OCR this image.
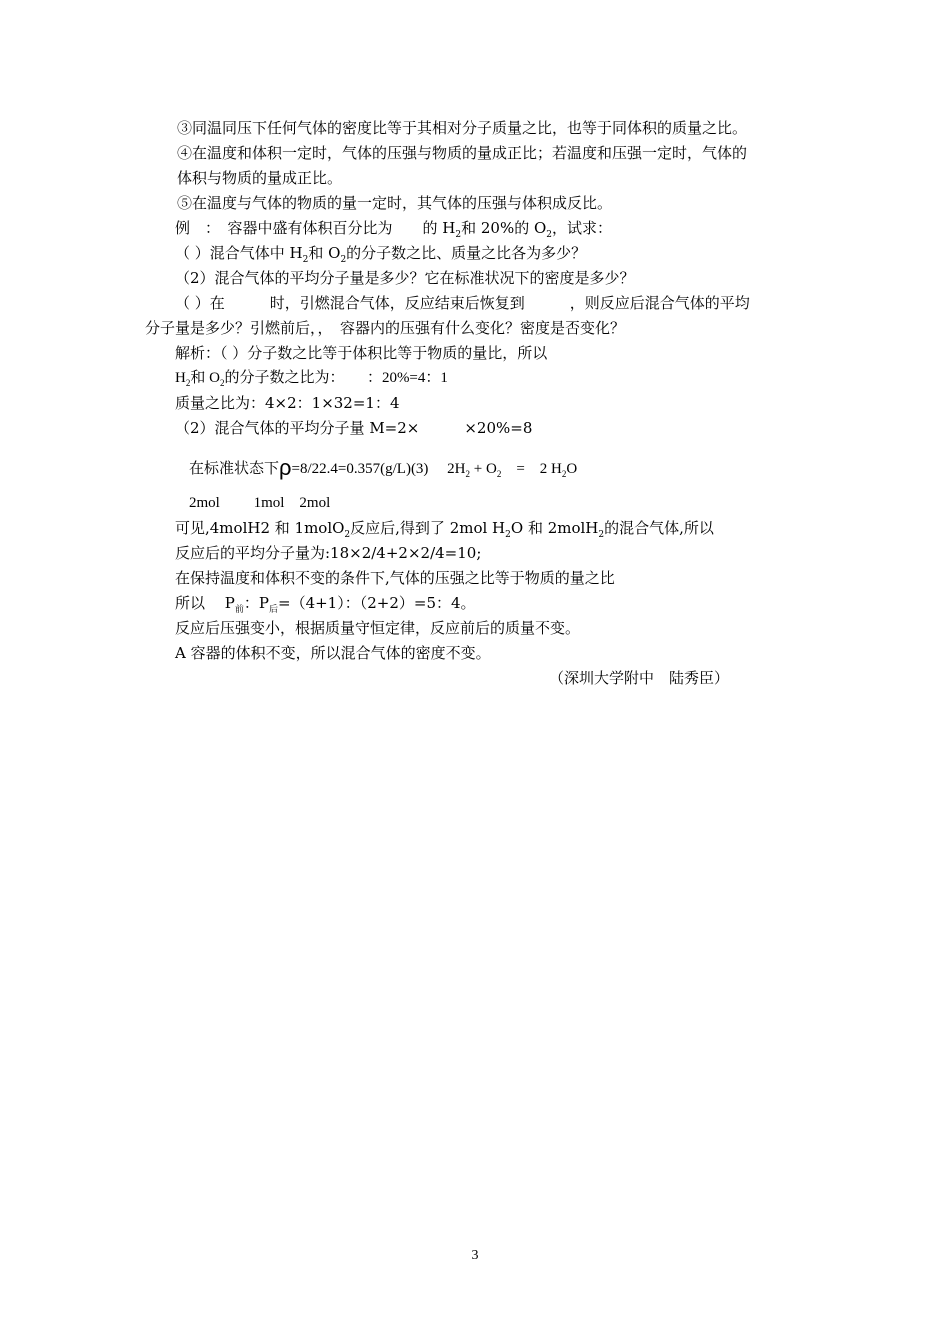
③同温同压下任何气体的密度比等于其相对分子质量之比，也等于同体积的质量之比。
④在温度和体积一定时，气体的压强与物质的量成正比；若温度和压强一定时，气体的
体积与物质的量成正比。
⑤在温度与气体的物质的量一定时，其气体的压强与体积成反比。
例　：　容器中盛有体积百分比为　　的 $H_2$和 20%的 $O_2$，试求：
（ ）混合气体中 $H_2$和 $O_2$的分子数之比、质量之比各为多少？
（2）混合气体的平均分子量是多少？它在标准状况下的密度是多少？
（ ）在　　　时，引燃混合气体，反应结束后恢复到　　　，则反应后混合气体的平均
分子量是多少？引燃前后，，　容器内的压强有什么变化？密度是否变化？
解析：（ ）分子数之比等于体积比等于物质的量比，所以
$H_2$和 $O_2$的分子数之比为：　　：20%=4：1
质量之比为：4×2：1×32=1：4
（2）混合气体的平均分子量 M=2×　　　×20%=8
在标准状态下ρ=8/22.4=0.357(g/L)(3)　 $2H_2 + O_2$　=　2 $H_2O$
2mol　　 1mol　2mol
可见,4molH2 和 1molO$_2$反应后,得到了 2mol $H_2O$ 和 2molH$_2$的混合气体,所以
反应后的平均分子量为:18×2/4+2×2/4=10;
在保持温度和体积不变的条件下,气体的压强之比等于物质的量之比
所以　 $P_前$：$P_后=(4+1)$：（2+2）=5：4。
反应后压强变小，根据质量守恒定律，反应前后的质量不变。
A 容器的体积不变，所以混合气体的密度不变。
（深圳大学附中　陆秀臣）
3
